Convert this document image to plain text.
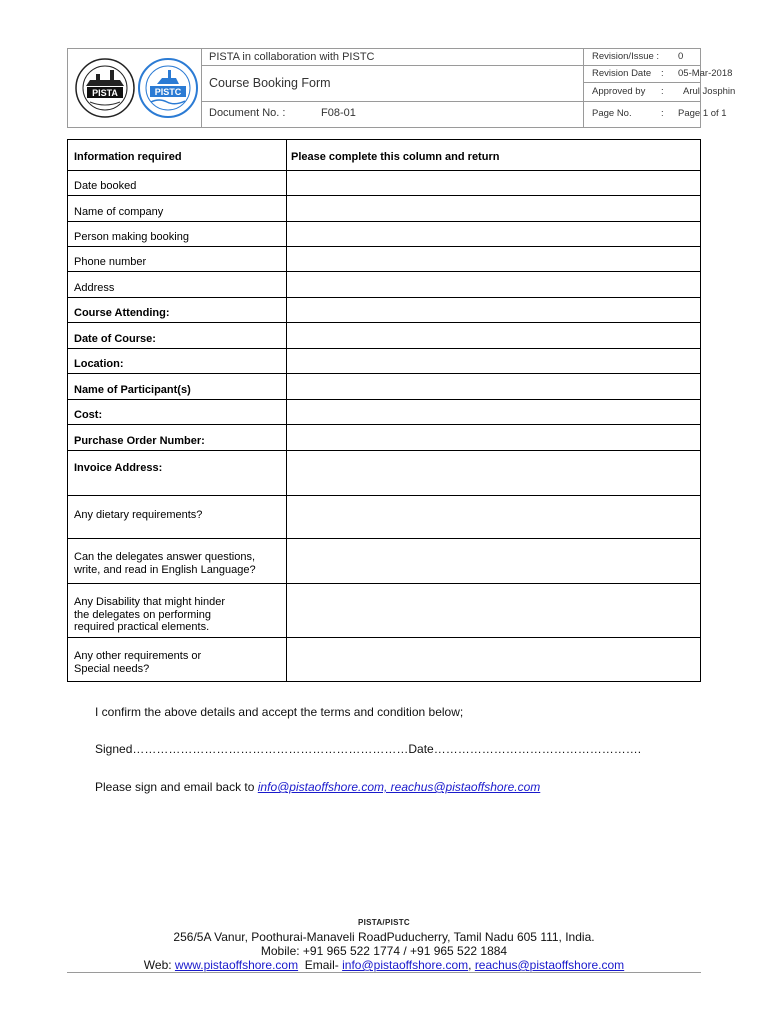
PISTA	PISTC
PISTA in collaboration with PISTC
Course Booking Form
Document No. :	F08-01
Revision/Issue : 0
Revision Date : 05-Mar-2018
Approved by : Arul Josphin
Page No.	: Page 1 of 1
Information required	Please complete this column and return
Date booked
Name of company
Person making booking
Phone number
Address
Course Attending:
Date of Course:
Location:
Name of Participant(s)
Cost:
Purchase Order Number:
Invoice Address:
Any dietary requirements?
Can the delegates answer questions,
write, and read in English Language?
Any Disability that might hinder
the delegates on performing
required practical elements.
Any other requirements or
Special needs?
I confirm the above details and accept the terms and condition below;
Signed……………………………………………………………Date…………………………………………….
Please sign and email back to info@pistaoffshore.com, reachus@pistaoffshore.com
PISTA/PISTC
256/5A Vanur, Poothurai-Manaveli RoadPuducherry, Tamil Nadu 605 111, India.
Mobile: +91 965 522 1774 / +91 965 522 1884
Web: www.pistaoffshore.com  Email- info@pistaoffshore.com, reachus@pistaoffshore.com
